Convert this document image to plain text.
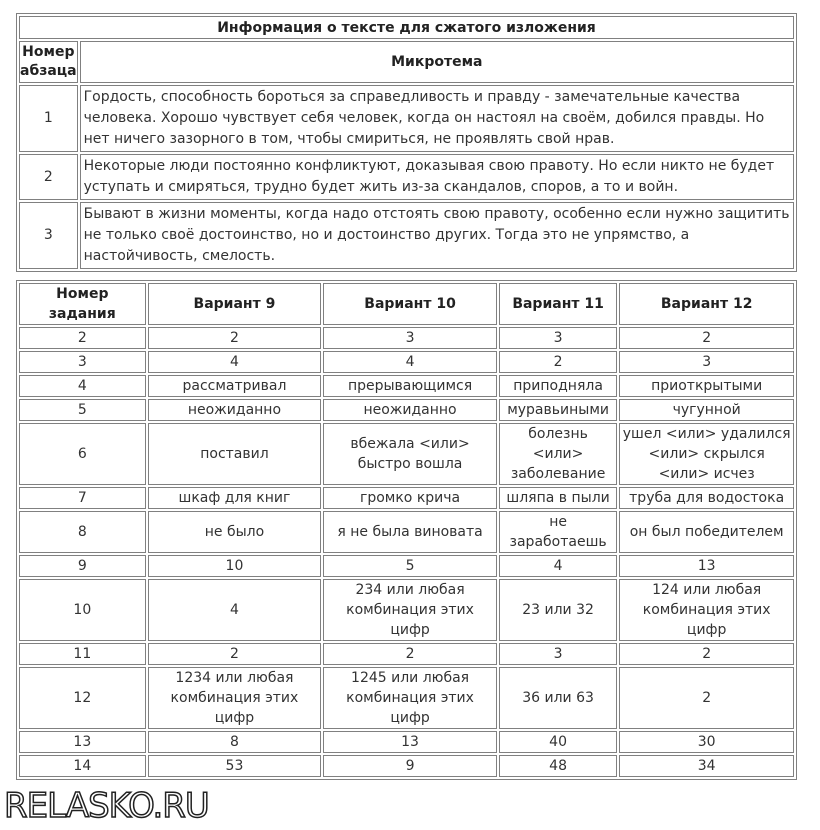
Информация о тексте для сжатого изложения	
Номер абзаца	Микротема
1	Гордость, способность бороться за справедливость и правду - замечательные качества человека. Хорошо чувствует себя человек, когда он настоял на своём, добился правды. Но нет ничего зазорного в том, чтобы смириться, не проявлять свой нрав.
2	Некоторые люди постоянно конфликтуют, доказывая свою правоту. Но если никто не будет уступать и смиряться, трудно будет жить из-за скандалов, споров, а то и войн.
3	Бывают в жизни моменты, когда надо отстоять свою правоту, особенно если нужно защитить не только своё достоинство, но и достоинство других. Тогда это не упрямство, а настойчивость, смелость.
Номер задания	Вариант 9	Вариант 10	Вариант 11	Вариант 12
2	2	3	3	2
3	4	4	2	3
4	рассматривал	прерывающимся	приподняла	приоткрытыми
5	неожиданно	неожиданно	муравьиными	чугунной
6	поставил	вбежала <или> быстро вошла	болезнь <или> заболевание	ушел <или> удалился <или> скрылся <или> исчез
7	шкаф для книг	громко крича	шляпа в пыли	труба для водостока
8	не было	я не была виновата	не заработаешь	он был победителем
9	10	5	4	13
10	4	234 или любая комбинация этих цифр	23 или 32	124 или любая комбинация этих цифр
11	2	2	3	2
12	1234 или любая комбинация этих цифр	1245 или любая комбинация этих цифр	36 или 63	2
13	8	13	40	30
14	53	9	48	34
RELASKO.RU
